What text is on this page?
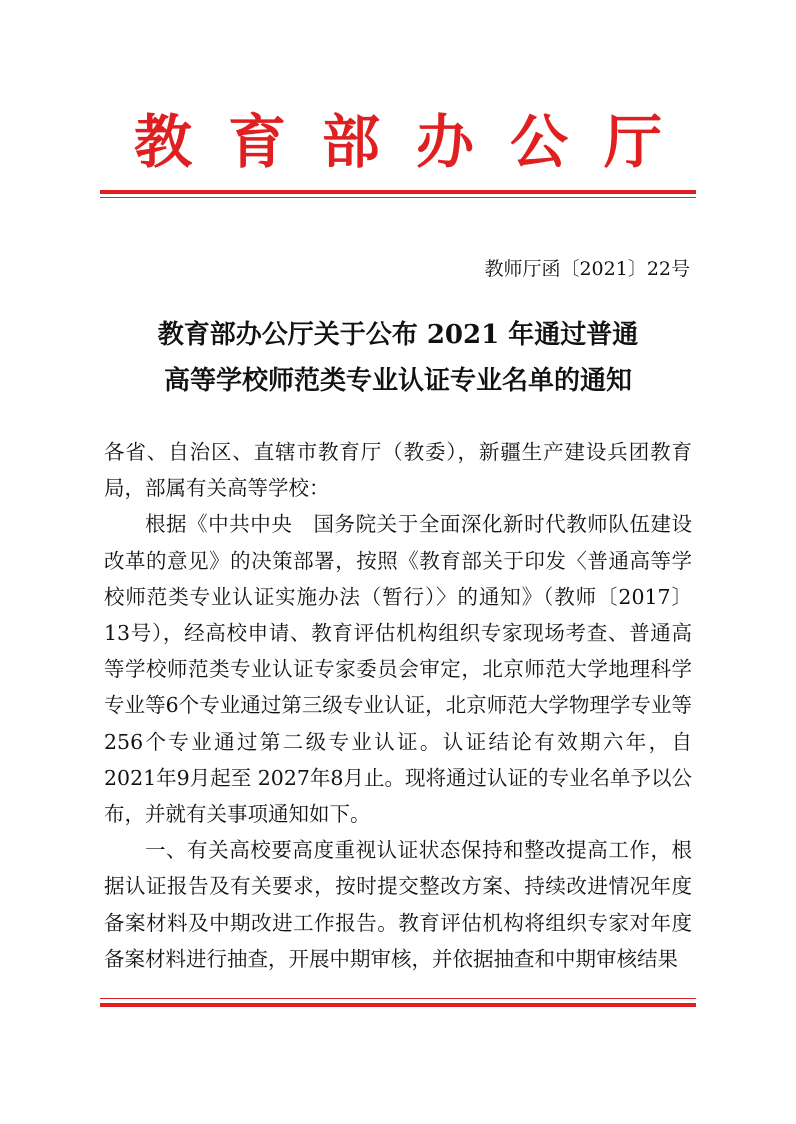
教育部办公厅
教师厅函〔2021〕22号
教育部办公厅关于公布 2021 年通过普通
高等学校师范类专业认证专业名单的通知

各省、自治区、直辖市教育厅（教委），新疆生产建设兵团教育局，部属有关高等学校：

根据《中共中央　国务院关于全面深化新时代教师队伍建设改革的意见》的决策部署，按照《教育部关于印发〈普通高等学校师范类专业认证实施办法（暂行）〉的通知》（教师〔2017〕13号），经高校申请、教育评估机构组织专家现场考查、普通高等学校师范类专业认证专家委员会审定，北京师范大学地理科学专业等6个专业通过第三级专业认证，北京师范大学物理学专业等256个专业通过第二级专业认证。认证结论有效期六年，自 2021年9月起至 2027年8月止。现将通过认证的专业名单予以公布，并就有关事项通知如下。

一、有关高校要高度重视认证状态保持和整改提高工作，根据认证报告及有关要求，按时提交整改方案、持续改进情况年度备案材料及中期改进工作报告。教育评估机构将组织专家对年度备案材料进行抽查，开展中期审核，并依据抽查和中期审核结果
